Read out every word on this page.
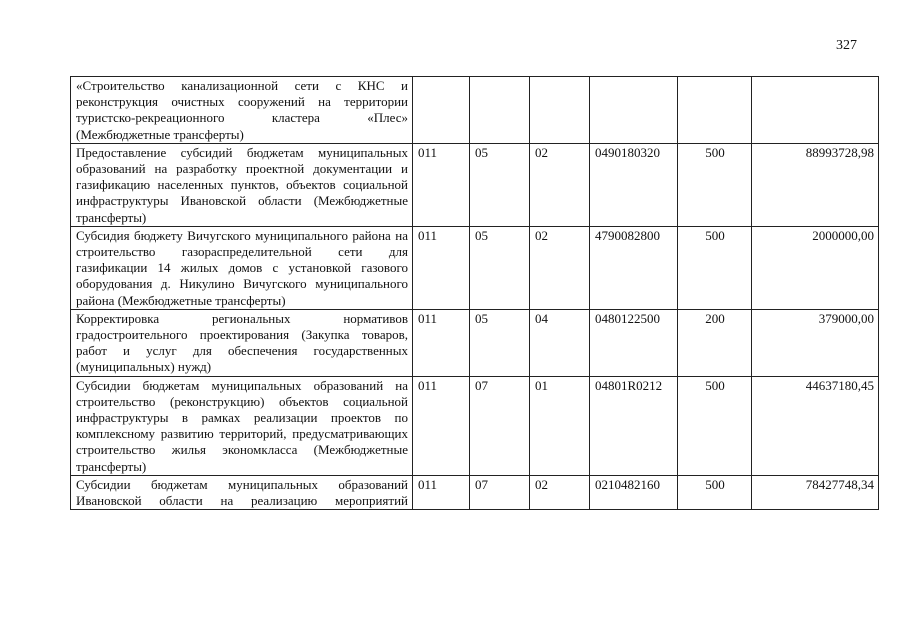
327
«Строительство канализационной сети с КНС и реконструкция очистных сооружений на территории туристско-рекреационного кластера «Плес» (Межбюджетные трансферты)						
Предоставление субсидий бюджетам муниципальных образований на разработку проектной документации и газификацию населенных пунктов, объектов социальной инфраструктуры Ивановской области (Межбюджетные трансферты)	011	05	02	0490180320	500	88993728,98
Субсидия бюджету Вичугского муниципального района на строительство газораспределительной сети для газификации 14 жилых домов с установкой газового оборудования д. Никулино Вичугского муниципального района (Межбюджетные трансферты)	011	05	02	4790082800	500	2000000,00
Корректировка региональных нормативов градостроительного проектирования (Закупка товаров, работ и услуг для обеспечения государственных (муниципальных) нужд)	011	05	04	0480122500	200	379000,00
Субсидии бюджетам муниципальных образований на строительство (реконструкцию) объектов социальной инфраструктуры в рамках реализации проектов по комплексному развитию территорий, предусматривающих строительство жилья экономкласса (Межбюджетные трансферты)	011	07	01	04801R0212	500	44637180,45
Субсидии бюджетам муниципальных образований Ивановской области на реализацию мероприятий	011	07	02	0210482160	500	78427748,34
